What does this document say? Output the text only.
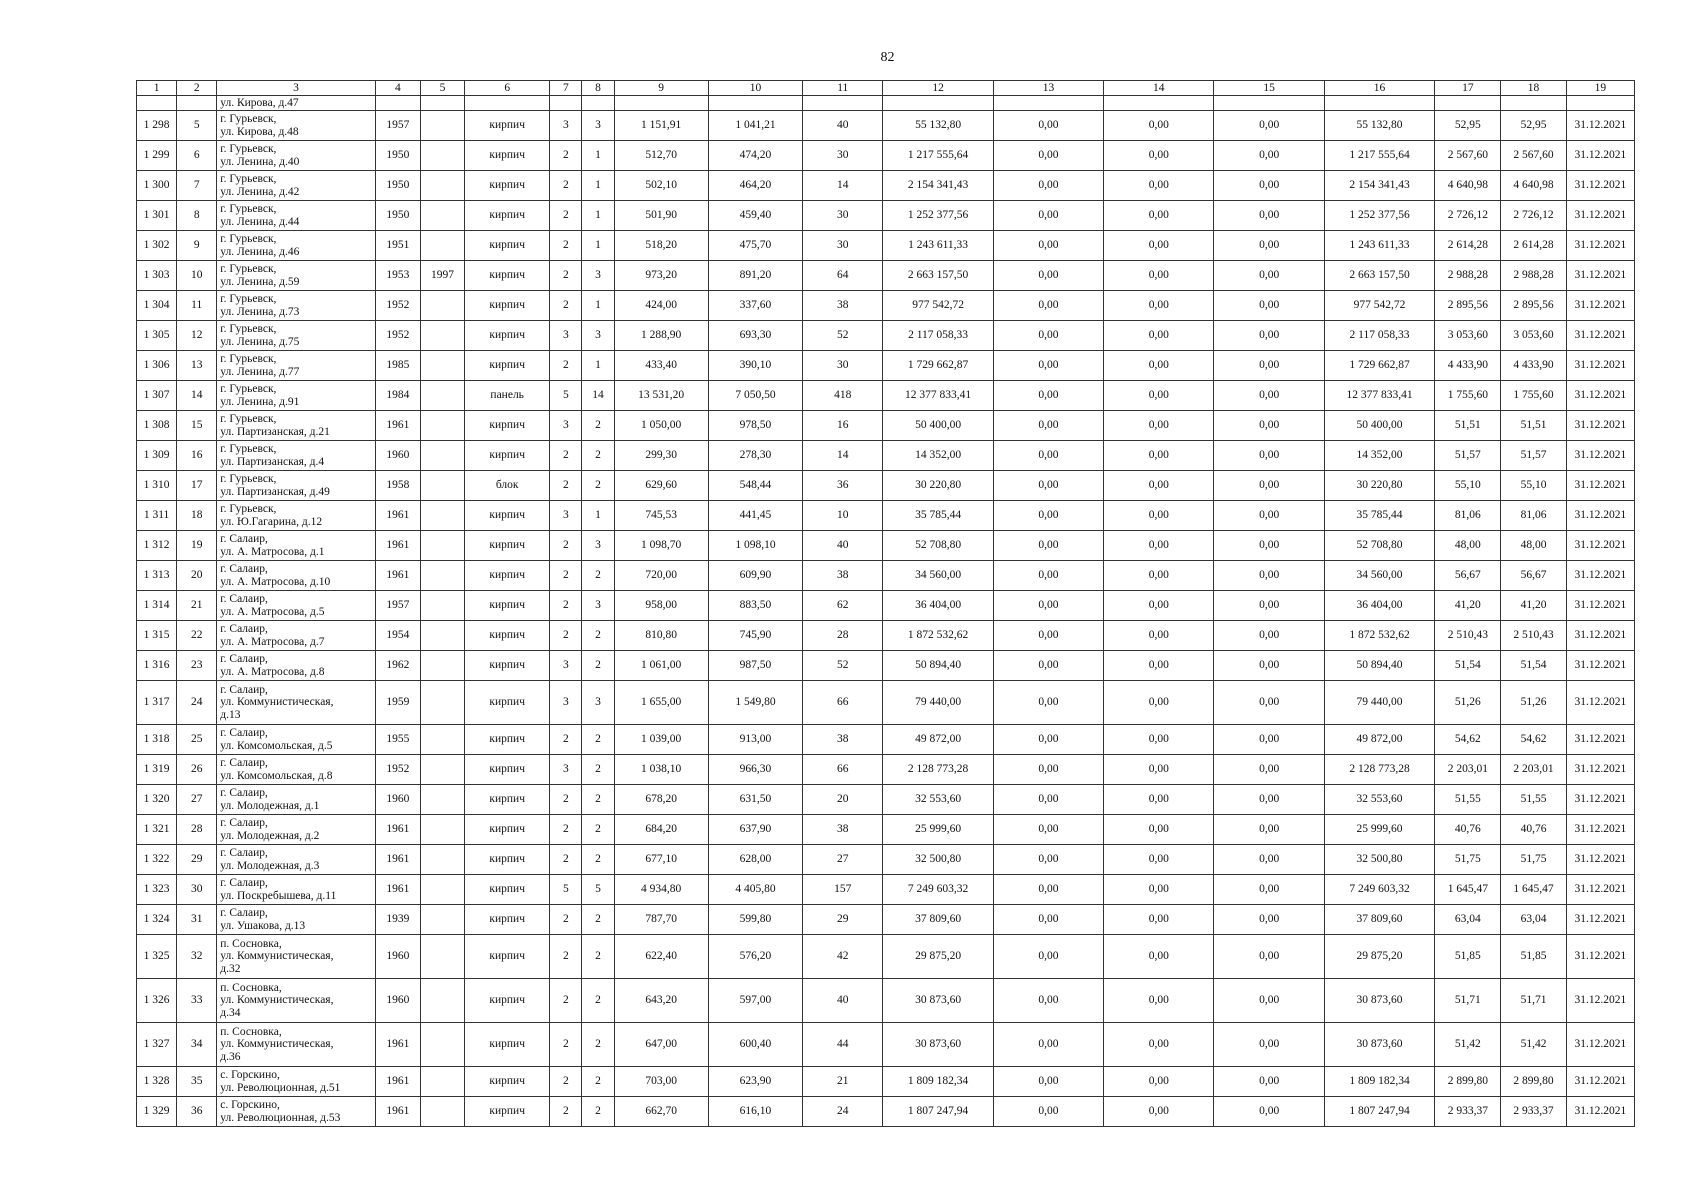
82
1	2	3	4	5	6	7	8	9	10	11	12	13	14	15	16	17	18	19

		ул. Кирова, д.47																

1 298	5	г. Гурьевск,
ул. Кирова, д.48	1957		кирпич	3	3	1 151,91	1 041,21	40	55 132,80	0,00	0,00	0,00	55 132,80	52,95	52,95	31.12.2021
1 299	6	г. Гурьевск,
ул. Ленина, д.40	1950		кирпич	2	1	512,70	474,20	30	1 217 555,64	0,00	0,00	0,00	1 217 555,64	2 567,60	2 567,60	31.12.2021
1 300	7	г. Гурьевск,
ул. Ленина, д.42	1950		кирпич	2	1	502,10	464,20	14	2 154 341,43	0,00	0,00	0,00	2 154 341,43	4 640,98	4 640,98	31.12.2021
1 301	8	г. Гурьевск,
ул. Ленина, д.44	1950		кирпич	2	1	501,90	459,40	30	1 252 377,56	0,00	0,00	0,00	1 252 377,56	2 726,12	2 726,12	31.12.2021
1 302	9	г. Гурьевск,
ул. Ленина, д.46	1951		кирпич	2	1	518,20	475,70	30	1 243 611,33	0,00	0,00	0,00	1 243 611,33	2 614,28	2 614,28	31.12.2021
1 303	10	г. Гурьевск,
ул. Ленина, д.59	1953	1997	кирпич	2	3	973,20	891,20	64	2 663 157,50	0,00	0,00	0,00	2 663 157,50	2 988,28	2 988,28	31.12.2021
1 304	11	г. Гурьевск,
ул. Ленина, д.73	1952		кирпич	2	1	424,00	337,60	38	977 542,72	0,00	0,00	0,00	977 542,72	2 895,56	2 895,56	31.12.2021
1 305	12	г. Гурьевск,
ул. Ленина, д.75	1952		кирпич	3	3	1 288,90	693,30	52	2 117 058,33	0,00	0,00	0,00	2 117 058,33	3 053,60	3 053,60	31.12.2021
1 306	13	г. Гурьевск,
ул. Ленина, д.77	1985		кирпич	2	1	433,40	390,10	30	1 729 662,87	0,00	0,00	0,00	1 729 662,87	4 433,90	4 433,90	31.12.2021
1 307	14	г. Гурьевск,
ул. Ленина, д.91	1984		панель	5	14	13 531,20	7 050,50	418	12 377 833,41	0,00	0,00	0,00	12 377 833,41	1 755,60	1 755,60	31.12.2021
1 308	15	г. Гурьевск,
ул. Партизанская, д.21	1961		кирпич	3	2	1 050,00	978,50	16	50 400,00	0,00	0,00	0,00	50 400,00	51,51	51,51	31.12.2021
1 309	16	г. Гурьевск,
ул. Партизанская, д.4	1960		кирпич	2	2	299,30	278,30	14	14 352,00	0,00	0,00	0,00	14 352,00	51,57	51,57	31.12.2021
1 310	17	г. Гурьевск,
ул. Партизанская, д.49	1958		блок	2	2	629,60	548,44	36	30 220,80	0,00	0,00	0,00	30 220,80	55,10	55,10	31.12.2021
1 311	18	г. Гурьевск,
ул. Ю.Гагарина, д.12	1961		кирпич	3	1	745,53	441,45	10	35 785,44	0,00	0,00	0,00	35 785,44	81,06	81,06	31.12.2021
1 312	19	г. Салаир,
ул. А. Матросова, д.1	1961		кирпич	2	3	1 098,70	1 098,10	40	52 708,80	0,00	0,00	0,00	52 708,80	48,00	48,00	31.12.2021
1 313	20	г. Салаир,
ул. А. Матросова, д.10	1961		кирпич	2	2	720,00	609,90	38	34 560,00	0,00	0,00	0,00	34 560,00	56,67	56,67	31.12.2021
1 314	21	г. Салаир,
ул. А. Матросова, д.5	1957		кирпич	2	3	958,00	883,50	62	36 404,00	0,00	0,00	0,00	36 404,00	41,20	41,20	31.12.2021
1 315	22	г. Салаир,
ул. А. Матросова, д.7	1954		кирпич	2	2	810,80	745,90	28	1 872 532,62	0,00	0,00	0,00	1 872 532,62	2 510,43	2 510,43	31.12.2021
1 316	23	г. Салаир,
ул. А. Матросова, д.8	1962		кирпич	3	2	1 061,00	987,50	52	50 894,40	0,00	0,00	0,00	50 894,40	51,54	51,54	31.12.2021
1 317	24	г. Салаир,
ул. Коммунистическая,
д.13	1959		кирпич	3	3	1 655,00	1 549,80	66	79 440,00	0,00	0,00	0,00	79 440,00	51,26	51,26	31.12.2021
1 318	25	г. Салаир,
ул. Комсомольская, д.5	1955		кирпич	2	2	1 039,00	913,00	38	49 872,00	0,00	0,00	0,00	49 872,00	54,62	54,62	31.12.2021
1 319	26	г. Салаир,
ул. Комсомольская, д.8	1952		кирпич	3	2	1 038,10	966,30	66	2 128 773,28	0,00	0,00	0,00	2 128 773,28	2 203,01	2 203,01	31.12.2021
1 320	27	г. Салаир,
ул. Молодежная, д.1	1960		кирпич	2	2	678,20	631,50	20	32 553,60	0,00	0,00	0,00	32 553,60	51,55	51,55	31.12.2021
1 321	28	г. Салаир,
ул. Молодежная, д.2	1961		кирпич	2	2	684,20	637,90	38	25 999,60	0,00	0,00	0,00	25 999,60	40,76	40,76	31.12.2021
1 322	29	г. Салаир,
ул. Молодежная, д.3	1961		кирпич	2	2	677,10	628,00	27	32 500,80	0,00	0,00	0,00	32 500,80	51,75	51,75	31.12.2021
1 323	30	г. Салаир,
ул. Поскребышева, д.11	1961		кирпич	5	5	4 934,80	4 405,80	157	7 249 603,32	0,00	0,00	0,00	7 249 603,32	1 645,47	1 645,47	31.12.2021
1 324	31	г. Салаир,
ул. Ушакова, д.13	1939		кирпич	2	2	787,70	599,80	29	37 809,60	0,00	0,00	0,00	37 809,60	63,04	63,04	31.12.2021
1 325	32	п. Сосновка,
ул. Коммунистическая,
д.32	1960		кирпич	2	2	622,40	576,20	42	29 875,20	0,00	0,00	0,00	29 875,20	51,85	51,85	31.12.2021
1 326	33	п. Сосновка,
ул. Коммунистическая,
д.34	1960		кирпич	2	2	643,20	597,00	40	30 873,60	0,00	0,00	0,00	30 873,60	51,71	51,71	31.12.2021
1 327	34	п. Сосновка,
ул. Коммунистическая,
д.36	1961		кирпич	2	2	647,00	600,40	44	30 873,60	0,00	0,00	0,00	30 873,60	51,42	51,42	31.12.2021
1 328	35	с. Горскино,
ул. Революционная, д.51	1961		кирпич	2	2	703,00	623,90	21	1 809 182,34	0,00	0,00	0,00	1 809 182,34	2 899,80	2 899,80	31.12.2021
1 329	36	с. Горскино,
ул. Революционная, д.53	1961		кирпич	2	2	662,70	616,10	24	1 807 247,94	0,00	0,00	0,00	1 807 247,94	2 933,37	2 933,37	31.12.2021
